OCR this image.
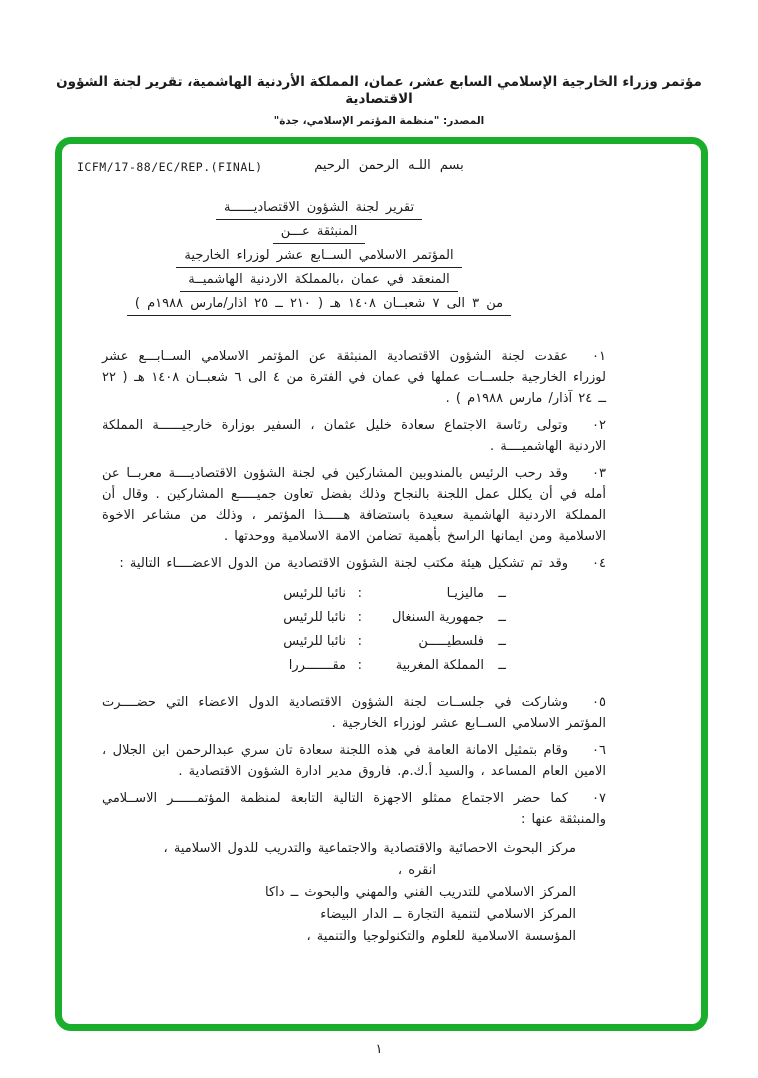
مؤتمر وزراء الخارجية الإسلامي السابع عشر، عمان، المملكة الأردنية الهاشمية، تقرير لجنة الشؤون الاقتصادية
المصدر: "منظمة المؤتمر الإسلامي، جدة"
ICFM/17-88/EC/REP.(FINAL)	بسم اللـه الرحمن الرحيم
تقرير لجنة الشؤون الاقتصاديــــــة
المنبثقة عـــن
المؤتمر الاسلامي الســابع عشر لوزراء الخارجية
المنعقد في عمان ،بالمملكة الاردنية الهاشميــة
من ٣ الى ٧ شعبــان ١٤٠٨ هـ ( ٢١٠ ــ ٢٥ اذار/مارس ١٩٨٨م )
٠١عقدت لجنة الشؤون الاقتصادية المنبثقة عن المؤتمر الاسلامي الســابـــع عشر لوزراء الخارجية جلســات عملها في عمان في الفترة من ٤ الى ٦ شعبــان ١٤٠٨ هـ ( ٢٢ ــ ٢٤ آذار/ مارس ١٩٨٨م ) .
٠٢وتولى رئاسة الاجتماع سعادة خليل عثمان ، السفير بوزارة خارجيــــــة المملكة الاردنية الهاشميــــة .
٠٣وقد رحب الرئيس بالمندوبين المشاركين في لجنة الشؤون الاقتصاديــــة معربــا عن أمله في أن يكلل عمل اللجنة بالنجاح وذلك بفضل تعاون جميـــــع المشاركين . وقال أن المملكة الاردنية الهاشمية سعيدة باستضافة هـــــذا المؤتمر ، وذلك من مشاعر الاخوة الاسلامية ومن ايمانها الراسخ بأهمية تضامن الامة الاسلامية ووحدتها .
٠٤وقد تم تشكيل هيئة مكتب لجنة الشؤون الاقتصادية من الدول الاعضــــاء التالية :
ــ
ماليزيـا
:
نائبا للرئيس
ــ
جمهورية السنغال
:
نائبا للرئيس
ــ
فلسطيـــــن
:
نائبا للرئيس
ــ
المملكة المغربية
:
مقـــــــررا
٠٥وشاركت في جلســات لجنة الشؤون الاقتصادية الدول الاعضاء التي حضــــرت المؤتمر الاسلامي الســابع عشر لوزراء الخارجية .
٠٦وقام بتمثيل الامانة العامة في هذه اللجنة سعادة تان سري عبدالرحمن ابن الجلال ، الامين العام المساعد ، والسيد أ.ك.م. فاروق مدير ادارة الشؤون الاقتصادية .
٠٧كما حضر الاجتماع ممثلو الاجهزة التالية التابعة لمنظمة المؤتمــــــر الاســلامي والمنبثقة عنها :
مركز البحوث الاحصائية والاقتصادية والاجتماعية والتدريب للدول الاسلامية ،
انقره ،
المركز الاسلامي للتدريب الفني والمهني والبحوث ــ داكا
المركز الاسلامي لتنمية التجارة ــ الدار البيضاء
المؤسسة الاسلامية للعلوم والتكنولوجيا والتنمية ،
١
